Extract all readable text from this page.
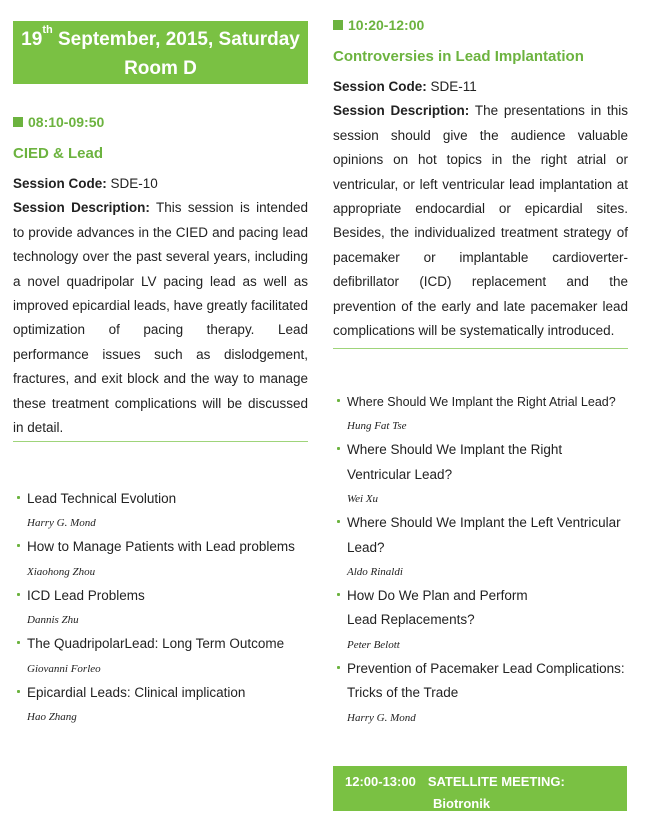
19th September, 2015, Saturday
Room D
08:10-09:50
CIED & Lead
Session Code: SDE-10
Session Description: This session is intended to provide advances in the CIED and pacing lead technology over the past several years, including a novel quadripolar LV pacing lead as well as improved epicardial leads, have greatly facilitated optimization of pacing therapy. Lead performance issues such as dislodgement, fractures, and exit block and the way to manage these treatment complications will be discussed in detail.
Lead Technical Evolution
Harry G. Mond
How to Manage Patients with Lead problems
Xiaohong Zhou
ICD Lead Problems
Dannis Zhu
The QuadripolarLead: Long Term Outcome
Giovanni Forleo
Epicardial Leads: Clinical implication
Hao Zhang
10:20-12:00
Controversies in Lead Implantation
Session Code: SDE-11
Session Description: The presentations in this session should give the audience valuable opinions on hot topics in the right atrial or ventricular, or left ventricular lead implantation at appropriate endocardial or epicardial sites. Besides, the individualized treatment strategy of pacemaker or implantable cardioverter-defibrillator (ICD) replacement and the prevention of the early and late pacemaker lead complications will be systematically introduced.
Where Should We Implant the Right Atrial Lead?
Hung Fat Tse
Where Should We Implant the Right Ventricular Lead?
Wei Xu
Where Should We Implant the Left Ventricular Lead?
Aldo Rinaldi
How Do We Plan and Perform Lead Replacements?
Peter Belott
Prevention of Pacemaker Lead Complications: Tricks of the Trade
Harry G. Mond
12:00-13:00 SATELLITE MEETING:
Biotronik
